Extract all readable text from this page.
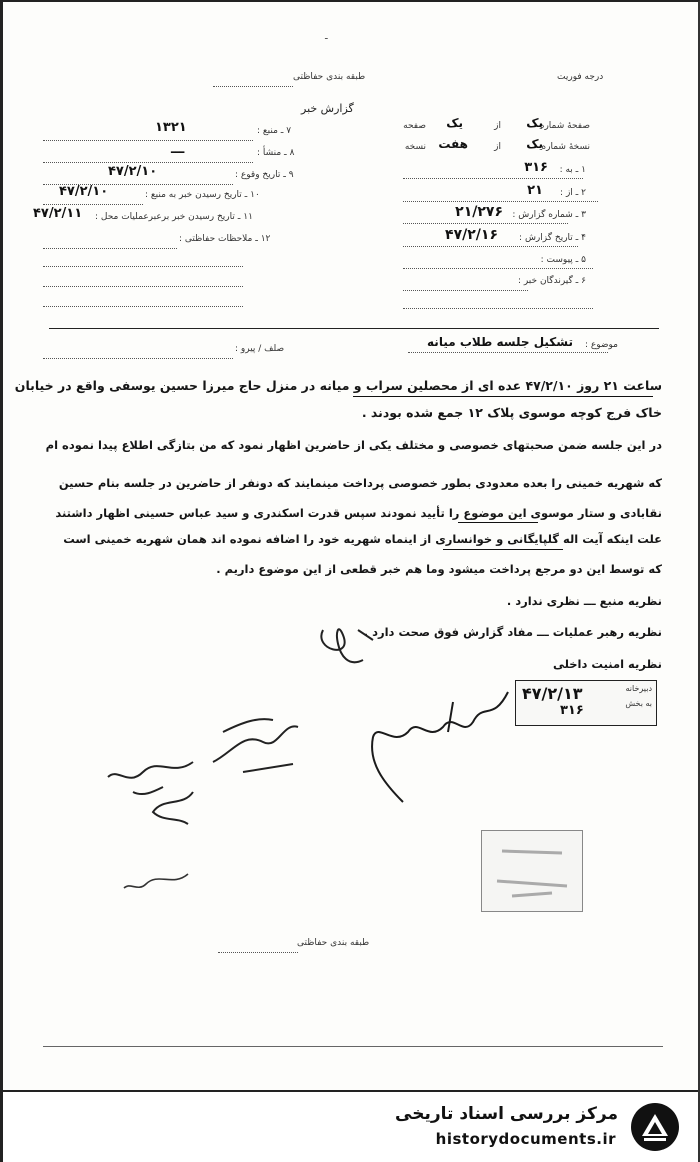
ـ
طبقه بندی حفاظتی	درجه فوریت
گزارش خبر
صفحهٔ شماره
یک
از
یک
صفحه
نسخهٔ شماره
یک
از
هفت
نسخه
۱ ـ به :
۳۱۶
۲ ـ از :
۲۱
۳ ـ شماره گزارش :
۲۱/۲۷۶
۴ ـ تاریخ گزارش :
۴۷/۲/۱۶
۵ ـ پیوست :
۶ ـ گیرندگان خبر :
۷ ـ منبع :
۱۳۲۱
۸ ـ منشأ :
ـــ
۹ ـ تاریخ وقوع :
۴۷/۲/۱۰
۱۰ ـ تاریخ رسیدن خبر به منبع :
۴۷/۲/۱۰
۱۱ ـ تاریخ رسیدن خبر برعبرعملیات محل :
۴۷/۲/۱۱
۱۲ ـ ملاحظات حفاظتی :
موضوع :
تشکیل جلسه طلاب میانه
صلف / پیرو :
ساعت ۲۱ روز ۴۷/۲/۱۰ عده ای از محصلین سراب و میانه در منزل حاج میرزا حسین یوسفی واقع در خیابان
خاک فرج کوچه موسوی پلاک ۱۲ جمع شده بودند .
در این جلسه ضمن صحبتهای خصوصی و مختلف یکی از حاضرین اظهار نمود که من بتازگی اطلاع پیدا نموده ام
که شهریه خمینی را بعده معدودی بطور خصوصی پرداخت مینمایند که دونفر از حاضرین در جلسه بنام حسین
نقابادی و ستار موسوی این موضوع را تأیید نمودند سپس قدرت اسکندری و سید عباس حسینی اظهار داشتند
علت اینکه آیت اله گلپایگانی و خوانساری از اینماه شهریه خود را اضافه نموده اند همان شهریه خمینی است
که توسط این دو مرجع پرداخت میشود وما هم خبر قطعی از این موضوع داریم .
نظریه منبع ـــ نظری ندارد .
نظریه رهبر عملیات ـــ مفاد گزارش فوق صحت دارد .
نظریه امنیت داخلی
دبیرخانه
به بخش
۴۷/۲/۱۳
۳۱۶
طبقه بندی حفاظتی
مرکز بررسی اسناد تاریخی
historydocuments.ir
